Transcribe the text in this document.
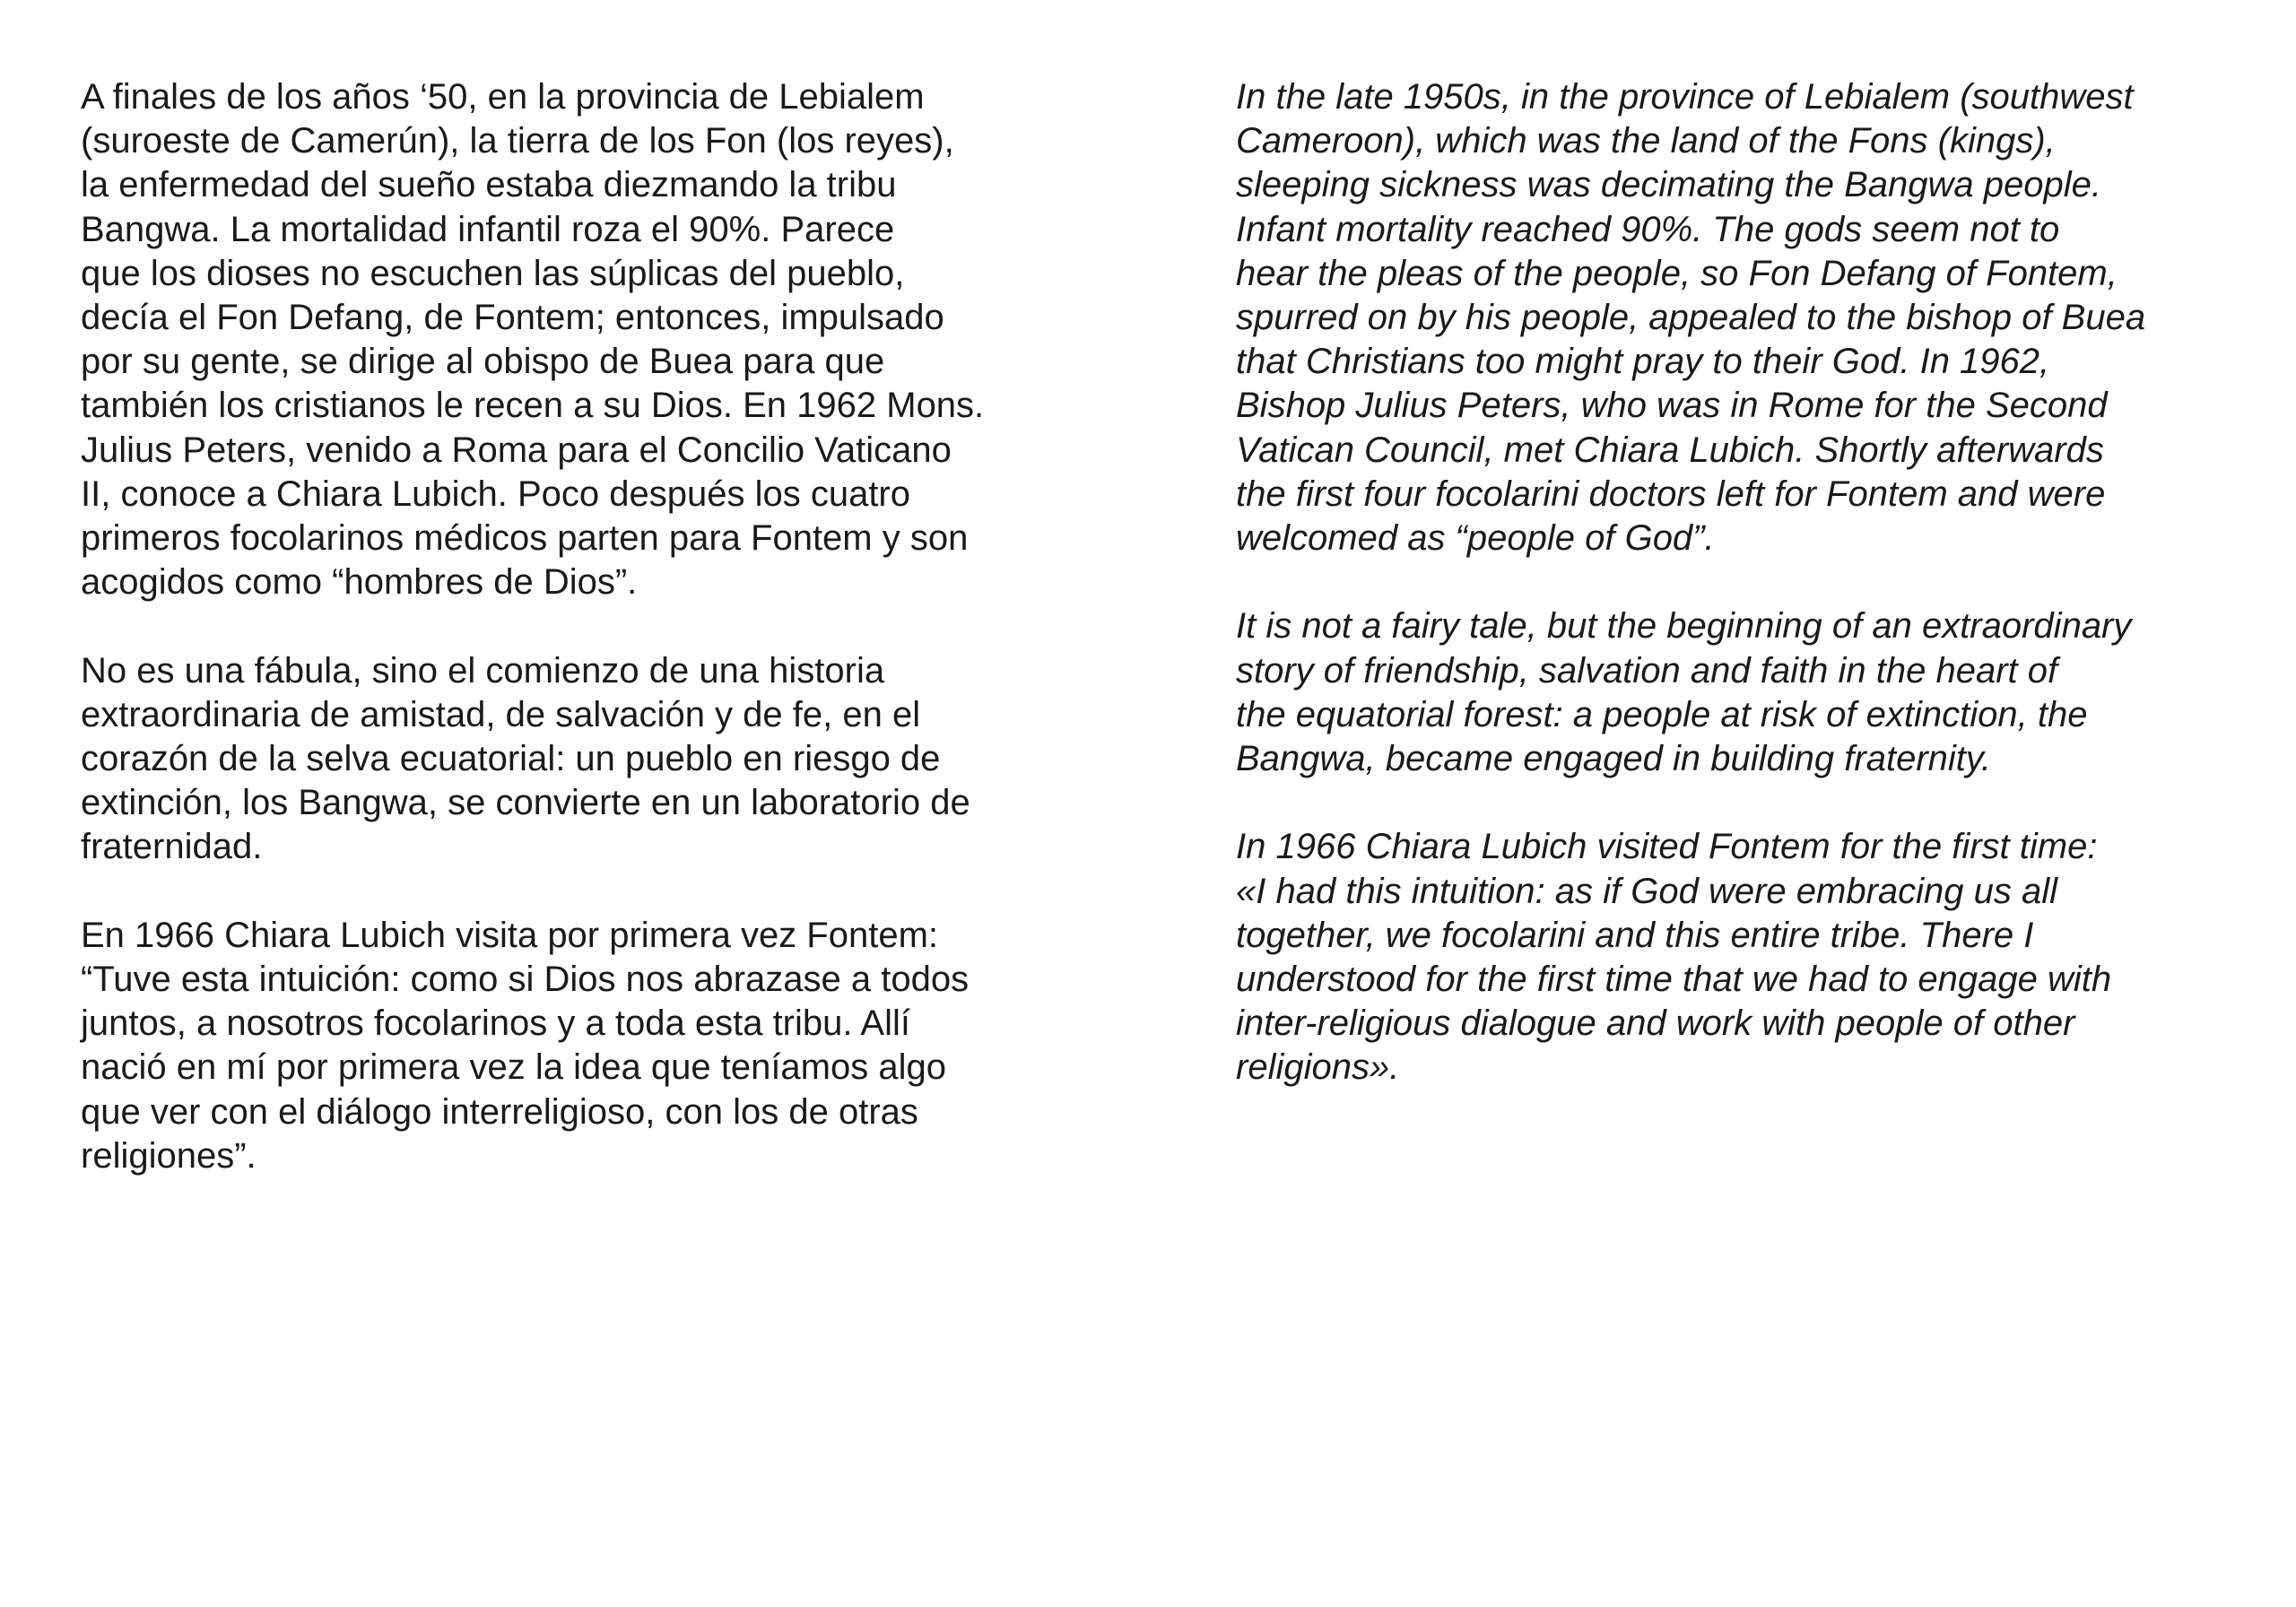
A finales de los años ‘50, en la provincia de Lebialem
(suroeste de Camerún), la tierra de los Fon (los reyes),
la enfermedad del sueño estaba diezmando la tribu
Bangwa. La mortalidad infantil roza el 90%. Parece
que los dioses no escuchen las súplicas del pueblo,
decía el Fon Defang, de Fontem; entonces, impulsado
por su gente, se dirige al obispo de Buea para que
también los cristianos le recen a su Dios. En 1962 Mons.
Julius Peters, venido a Roma para el Concilio Vaticano
II, conoce a Chiara Lubich. Poco después los cuatro
primeros focolarinos médicos parten para Fontem y son
acogidos como “hombres de Dios”.

No es una fábula, sino el comienzo de una historia
extraordinaria de amistad, de salvación y de fe, en el
corazón de la selva ecuatorial: un pueblo en riesgo de
extinción, los Bangwa, se convierte en un laboratorio de
fraternidad.

En 1966 Chiara Lubich visita por primera vez Fontem:
“Tuve esta intuición: como si Dios nos abrazase a todos
juntos, a nosotros focolarinos y a toda esta tribu. Allí
nació en mí por primera vez la idea que teníamos algo
que ver con el diálogo interreligioso, con los de otras
religiones”.

In the late 1950s, in the province of Lebialem (southwest
Cameroon), which was the land of the Fons (kings),
sleeping sickness was decimating the Bangwa people.
Infant mortality reached 90%. The gods seem not to
hear the pleas of the people, so Fon Defang of Fontem,
spurred on by his people, appealed to the bishop of Buea
that Christians too might pray to their God. In 1962,
Bishop Julius Peters, who was in Rome for the Second
Vatican Council, met Chiara Lubich. Shortly afterwards
the first four focolarini doctors left for Fontem and were
welcomed as “people of God”.

It is not a fairy tale, but the beginning of an extraordinary
story of friendship, salvation and faith in the heart of
the equatorial forest: a people at risk of extinction, the
Bangwa, became engaged in building fraternity.

In 1966 Chiara Lubich visited Fontem for the first time:
«I had this intuition: as if God were embracing us all
together, we focolarini and this entire tribe. There I
understood for the first time that we had to engage with
inter-religious dialogue and work with people of other
religions».
